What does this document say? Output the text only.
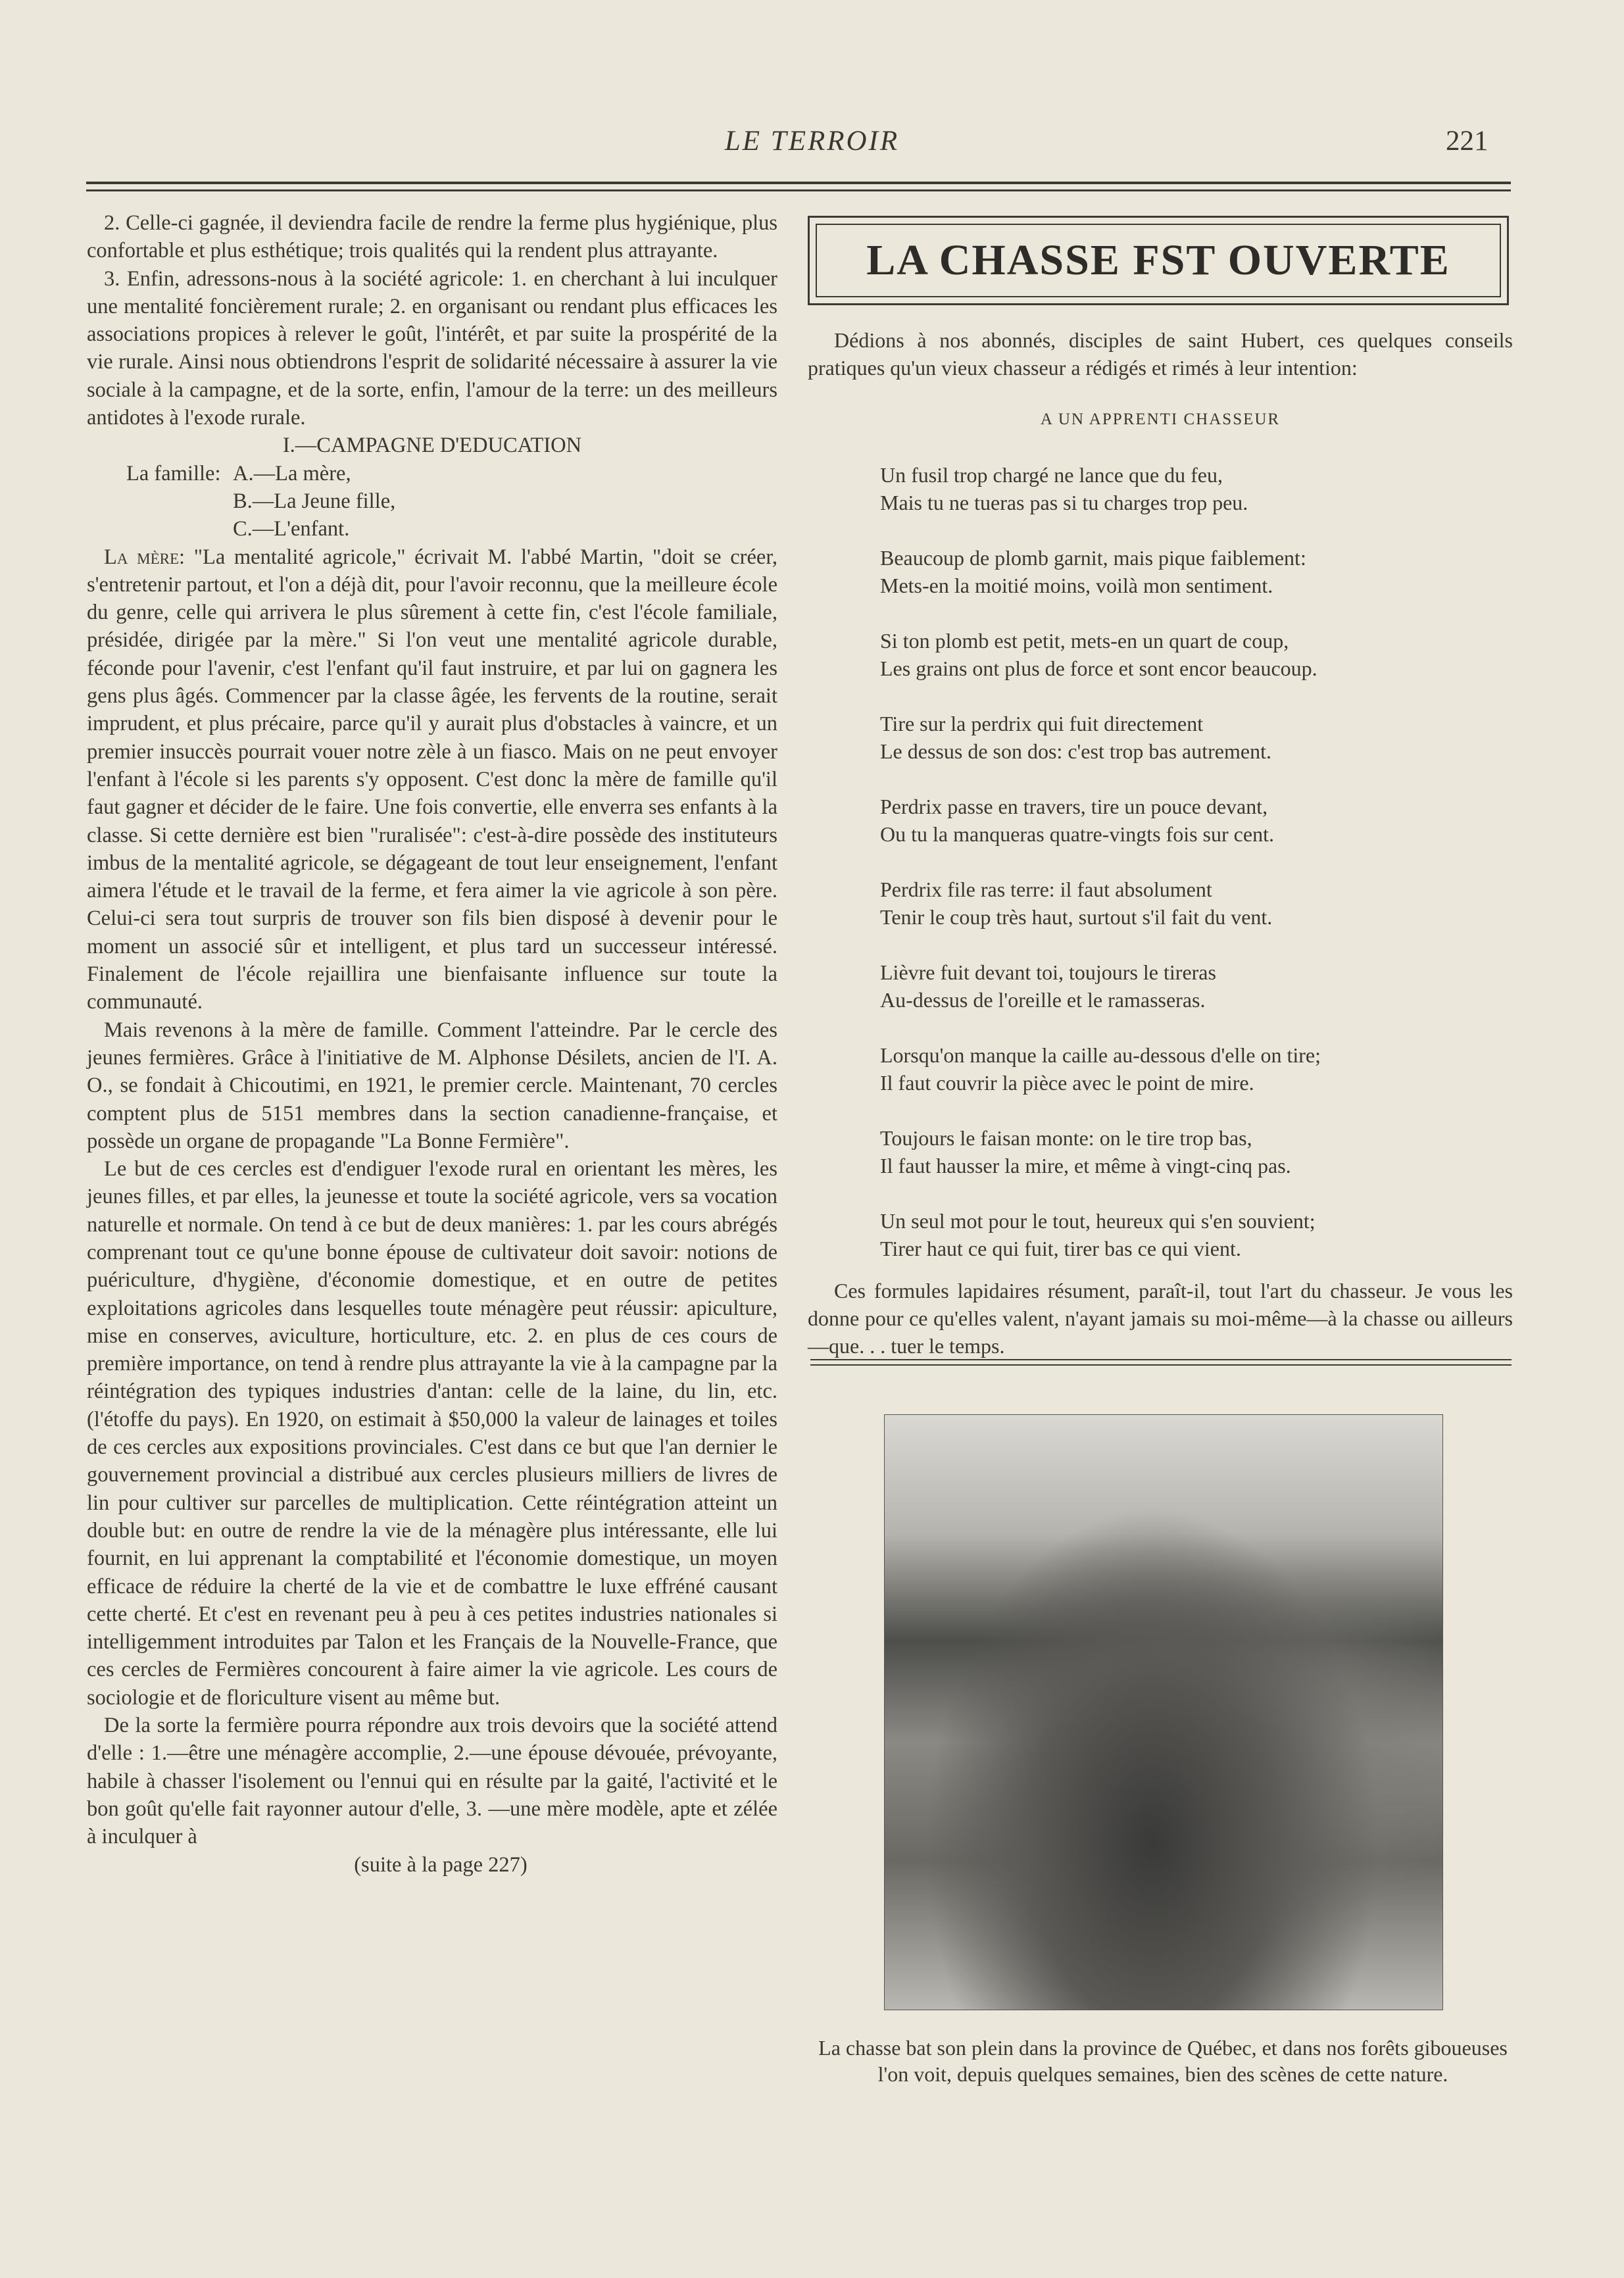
LE TERROIR	221

2. Celle-ci gagnée, il deviendra facile de rendre la ferme plus hygiénique, plus confortable et plus esthétique; trois qualités qui la rendent plus attrayante.

3. Enfin, adressons-nous à la société agricole: 1. en cherchant à lui inculquer une mentalité foncièrement rurale; 2. en organisant ou rendant plus efficaces les associations propices à relever le goût, l'intérêt, et par suite la prospérité de la vie rurale. Ainsi nous obtiendrons l'esprit de solidarité nécessaire à assurer la vie sociale à la campagne, et de la sorte, enfin, l'amour de la terre: un des meilleurs antidotes à l'exode rurale.

I.—CAMPAGNE D'EDUCATION

La famille: A.—La mère,
B.—La Jeune fille,
C.—L'enfant.

La mère: "La mentalité agricole," écrivait M. l'abbé Martin, "doit se créer, s'entretenir partout, et l'on a déjà dit, pour l'avoir reconnu, que la meilleure école du genre, celle qui arrivera le plus sûrement à cette fin, c'est l'école familiale, présidée, dirigée par la mère." Si l'on veut une mentalité agricole durable, féconde pour l'avenir, c'est l'enfant qu'il faut instruire, et par lui on gagnera les gens plus âgés. Commencer par la classe âgée, les fervents de la routine, serait imprudent, et plus précaire, parce qu'il y aurait plus d'obstacles à vaincre, et un premier insuccès pourrait vouer notre zèle à un fiasco. Mais on ne peut envoyer l'enfant à l'école si les parents s'y opposent. C'est donc la mère de famille qu'il faut gagner et décider de le faire. Une fois convertie, elle enverra ses enfants à la classe. Si cette dernière est bien "ruralisée": c'est-à-dire possède des instituteurs imbus de la mentalité agricole, se dégageant de tout leur enseignement, l'enfant aimera l'étude et le travail de la ferme, et fera aimer la vie agricole à son père. Celui-ci sera tout surpris de trouver son fils bien disposé à devenir pour le moment un associé sûr et intelligent, et plus tard un successeur intéressé. Finalement de l'école rejaillira une bienfaisante influence sur toute la communauté.

Mais revenons à la mère de famille. Comment l'atteindre. Par le cercle des jeunes fermières. Grâce à l'initiative de M. Alphonse Désilets, ancien de l'I. A. O., se fondait à Chicoutimi, en 1921, le premier cercle. Maintenant, 70 cercles comptent plus de 5151 membres dans la section canadienne-française, et possède un organe de propagande "La Bonne Fermière".

Le but de ces cercles est d'endiguer l'exode rural en orientant les mères, les jeunes filles, et par elles, la jeunesse et toute la société agricole, vers sa vocation naturelle et normale. On tend à ce but de deux manières: 1. par les cours abrégés comprenant tout ce qu'une bonne épouse de cultivateur doit savoir: notions de puériculture, d'hygiène, d'économie domestique, et en outre de petites exploitations agricoles dans lesquelles toute ménagère peut réussir: apiculture, mise en conserves, aviculture, horticulture, etc. 2. en plus de ces cours de première importance, on tend à rendre plus attrayante la vie à la campagne par la réintégration des typiques industries d'antan: celle de la laine, du lin, etc. (l'étoffe du pays). En 1920, on estimait à $50,000 la valeur de lainages et toiles de ces cercles aux expositions provinciales. C'est dans ce but que l'an dernier le gouvernement provincial a distribué aux cercles plusieurs milliers de livres de lin pour cultiver sur parcelles de multiplication. Cette réintégration atteint un double but: en outre de rendre la vie de la ménagère plus intéressante, elle lui fournit, en lui apprenant la comptabilité et l'économie domestique, un moyen efficace de réduire la cherté de la vie et de combattre le luxe effréné causant cette cherté. Et c'est en revenant peu à peu à ces petites industries nationales si intelligemment introduites par Talon et les Français de la Nouvelle-France, que ces cercles de Fermières concourent à faire aimer la vie agricole. Les cours de sociologie et de floriculture visent au même but.

De la sorte la fermière pourra répondre aux trois devoirs que la société attend d'elle : 1.—être une ménagère accomplie, 2.—une épouse dévouée, prévoyante, habile à chasser l'isolement ou l'ennui qui en résulte par la gaité, l'activité et le bon goût qu'elle fait rayonner autour d'elle, 3. —une mère modèle, apte et zélée à inculquer à

(suite à la page 227)

LA CHASSE FST OUVERTE

Dédions à nos abonnés, disciples de saint Hubert, ces quelques conseils pratiques qu'un vieux chasseur a rédigés et rimés à leur intention:

A UN APPRENTI CHASSEUR
Un fusil trop chargé ne lance que du feu,
Mais tu ne tueras pas si tu charges trop peu.
Beaucoup de plomb garnit, mais pique faiblement:
Mets-en la moitié moins, voilà mon sentiment.
Si ton plomb est petit, mets-en un quart de coup,
Les grains ont plus de force et sont encor beaucoup.
Tire sur la perdrix qui fuit directement
Le dessus de son dos: c'est trop bas autrement.
Perdrix passe en travers, tire un pouce devant,
Ou tu la manqueras quatre-vingts fois sur cent.
Perdrix file ras terre: il faut absolument
Tenir le coup très haut, surtout s'il fait du vent.
Lièvre fuit devant toi, toujours le tireras
Au-dessus de l'oreille et le ramasseras.
Lorsqu'on manque la caille au-dessous d'elle on tire;
Il faut couvrir la pièce avec le point de mire.
Toujours le faisan monte: on le tire trop bas,
Il faut hausser la mire, et même à vingt-cinq pas.
Un seul mot pour le tout, heureux qui s'en souvient;
Tirer haut ce qui fuit, tirer bas ce qui vient.

Ces formules lapidaires résument, paraît-il, tout l'art du chasseur. Je vous les donne pour ce qu'elles valent, n'ayant jamais su moi-même—à la chasse ou ailleurs—que. . . tuer le temps.

La chasse bat son plein dans la province de Québec, et dans nos forêts giboueuses l'on voit, depuis quelques semaines, bien des scènes de cette nature.
